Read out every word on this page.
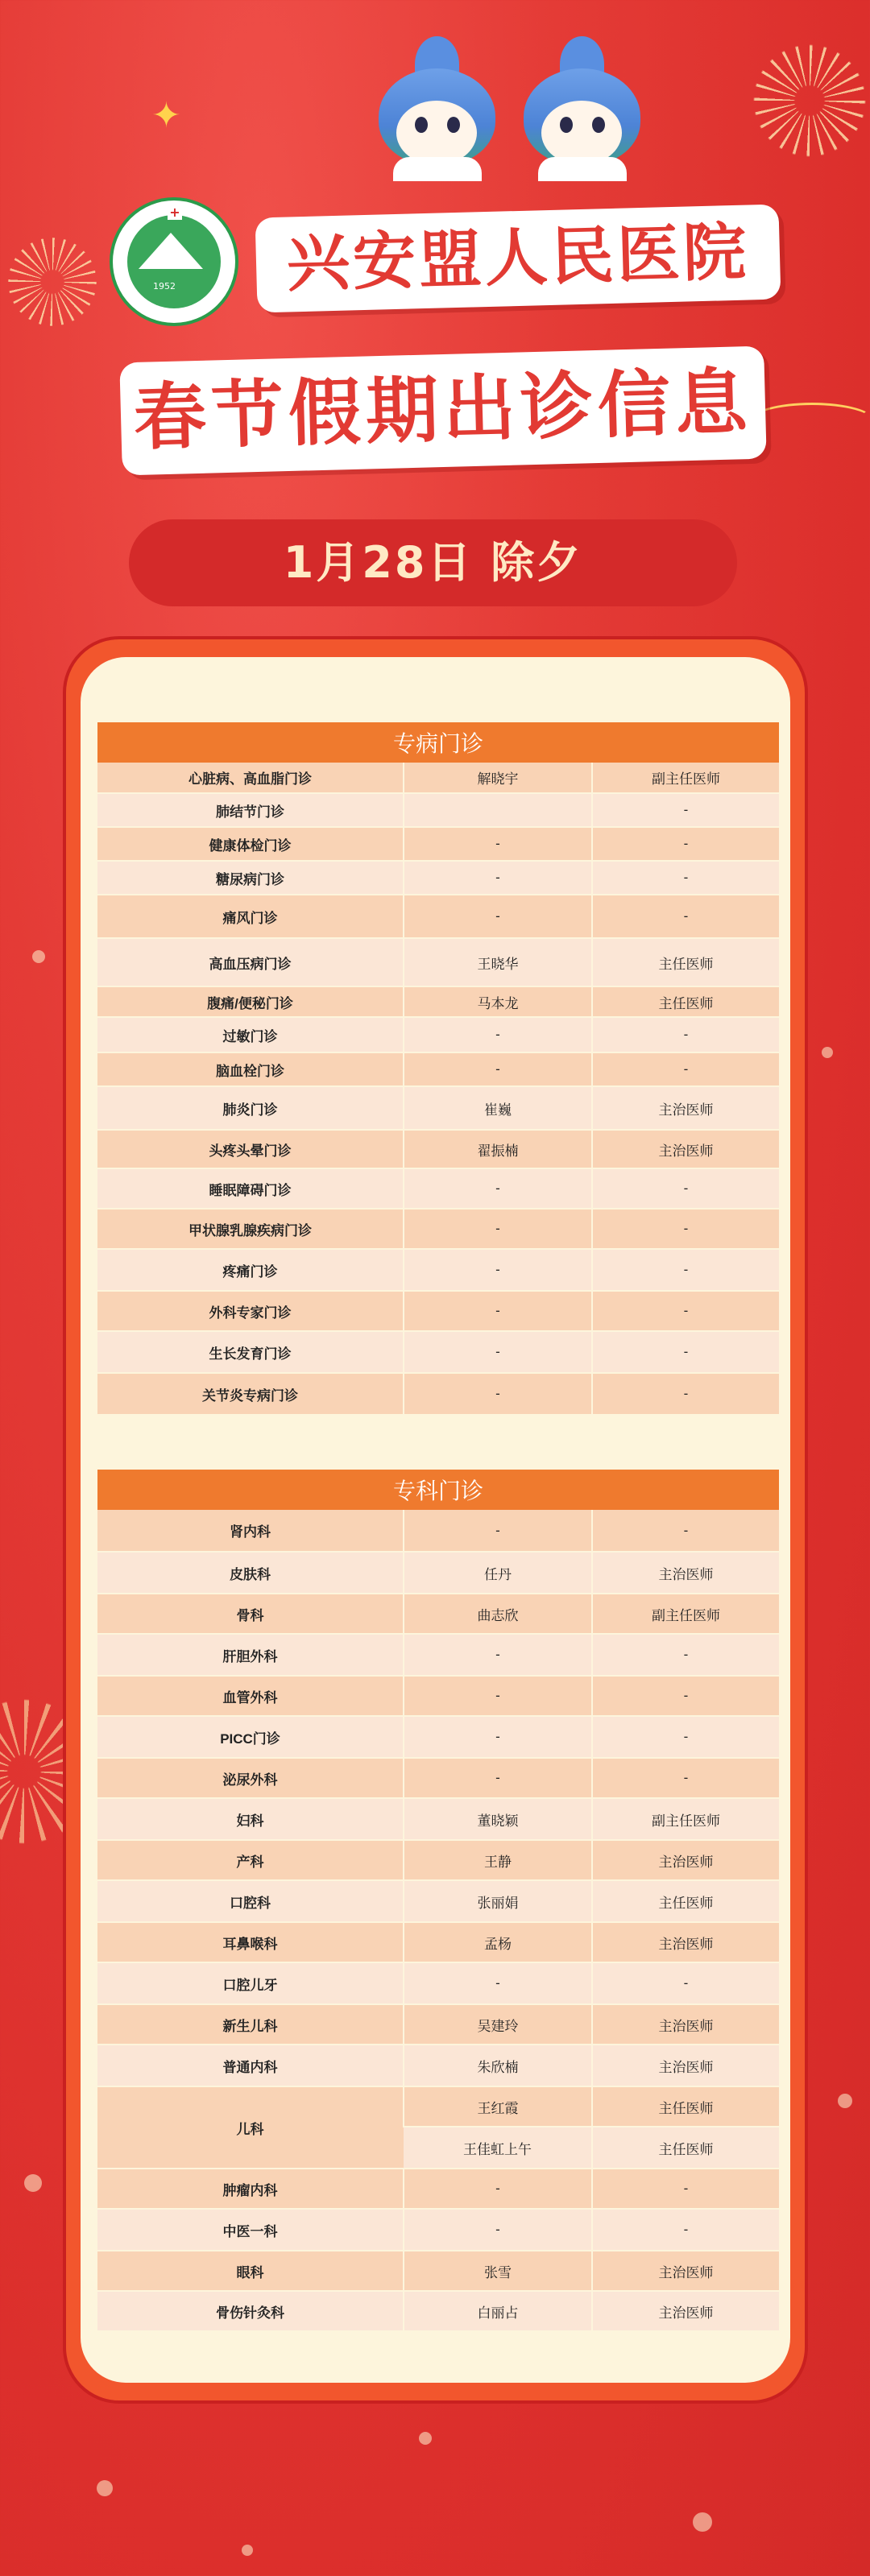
✦
+
1952	兴安盟人民医院
春节假期出诊信息
1月28日 除夕
专病门诊		
心脏病、高血脂门诊	解晓宇	副主任医师
肺结节门诊		-
健康体检门诊	-	-
糖尿病门诊	-	-
痛风门诊	-	-
高血压病门诊	王晓华	主任医师
腹痛/便秘门诊	马本龙	主任医师
过敏门诊	-	-
脑血栓门诊	-	-
肺炎门诊	崔巍	主治医师
头疼头晕门诊	翟振楠	主治医师
睡眠障碍门诊	-	-
甲状腺乳腺疾病门诊	-	-
疼痛门诊	-	-
外科专家门诊	-	-
生长发育门诊	-	-
关节炎专病门诊	-	-
专科门诊		
肾内科	-	-
皮肤科	任丹	主治医师
骨科	曲志欣	副主任医师
肝胆外科	-	-
血管外科	-	-
PICC门诊	-	-
泌尿外科	-	-
妇科	董晓颖	副主任医师
产科	王静	主治医师
口腔科	张丽娟	主任医师
耳鼻喉科	孟杨	主治医师
口腔儿牙	-	-
新生儿科	吴建玲	主治医师
普通内科	朱欣楠	主治医师
儿科	王红霞	主任医师
	王佳虹上午	主任医师
肿瘤内科	-	-
中医一科	-	-
眼科	张雪	主治医师
骨伤针灸科	白丽占	主治医师
